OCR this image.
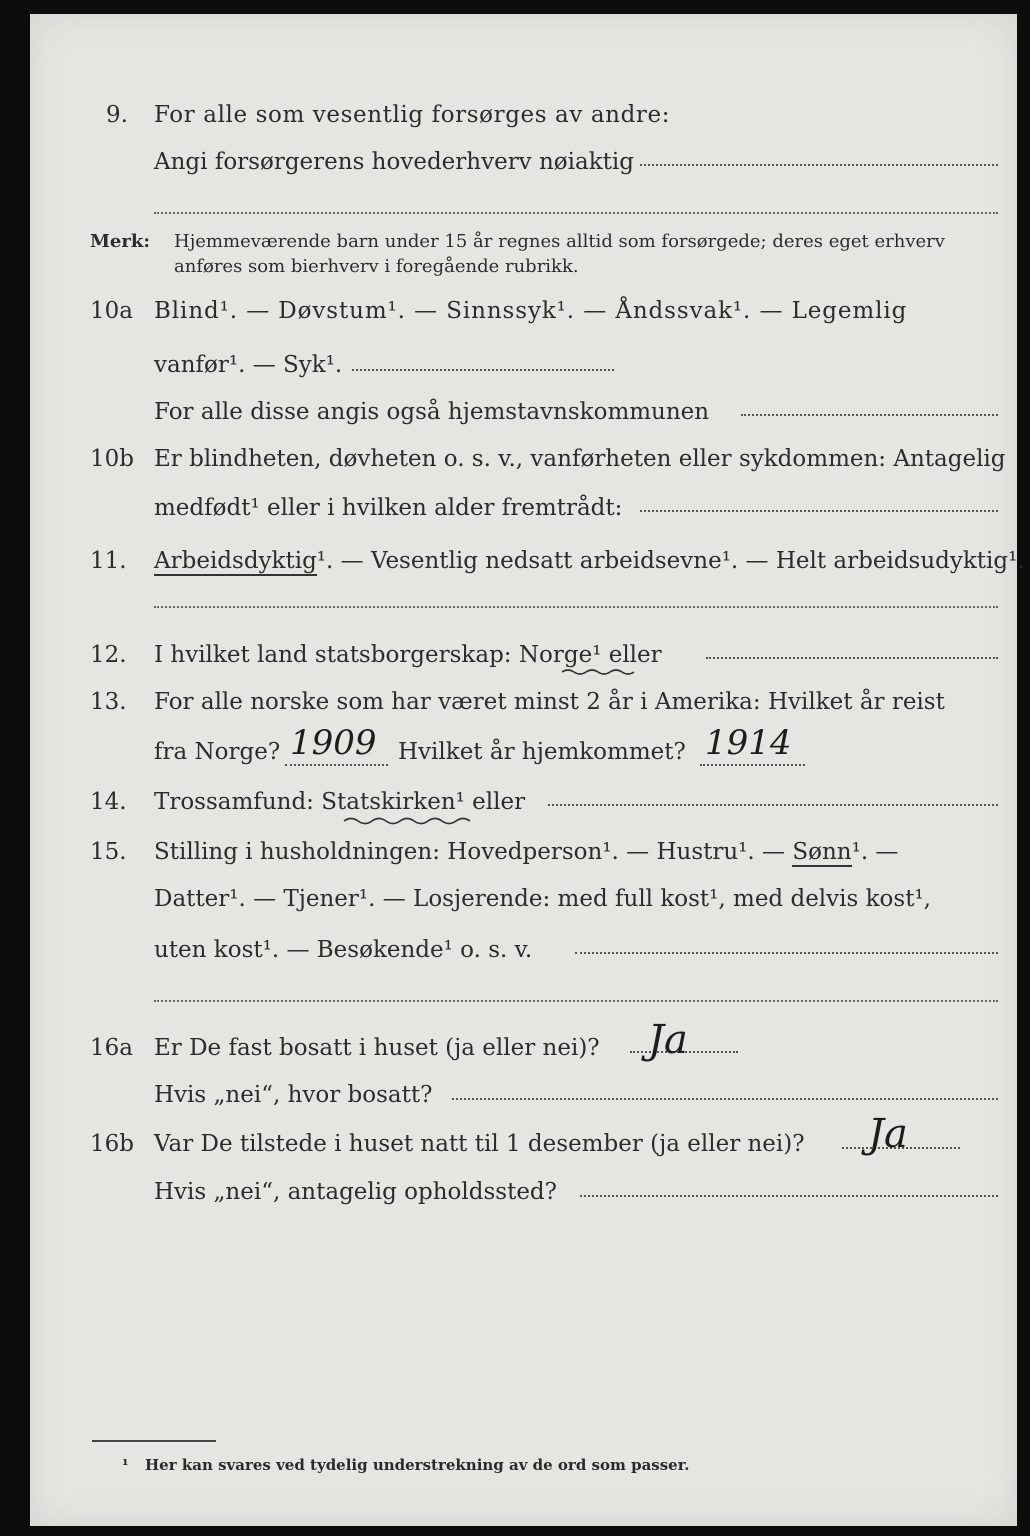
9. For alle som vesentlig forsørges av andre:
Angi forsørgerens hovederhverv nøiaktig
Merk: Hjemmeværende barn under 15 år regnes alltid som forsørgede; deres eget erhverv
anføres som bierhverv i foregående rubrikk.
10a Blind¹. — Døvstum¹. — Sinnssyk¹. — Åndssvak¹. — Legemlig
vanfør¹. — Syk¹.
For alle disse angis også hjemstavnskommunen
10b Er blindheten, døvheten o. s. v., vanførheten eller sykdommen: Antagelig
medfødt¹ eller i hvilken alder fremtrådt:
11. Arbeidsdyktig¹. — Vesentlig nedsatt arbeidsevne¹. — Helt arbeidsudyktig¹.
12. I hvilket land statsborgerskap: Norge¹ eller
13. For alle norske som har været minst 2 år i Amerika: Hvilket år reist
fra Norge? 1909 Hvilket år hjemkommet? 1914
14. Trossamfund: Statskirken¹ eller
15. Stilling i husholdningen: Hovedperson¹. — Hustru¹. — Sønn¹. —
Datter¹. — Tjener¹. — Losjerende: med full kost¹, med delvis kost¹,
uten kost¹. — Besøkende¹ o. s. v.
16a Er De fast bosatt i huset (ja eller nei)? Ja
Hvis „nei“, hvor bosatt?
16b Var De tilstede i huset natt til 1 desember (ja eller nei)? Ja
Hvis „nei“, antagelig opholdssted?
¹ Her kan svares ved tydelig understrekning av de ord som passer.
